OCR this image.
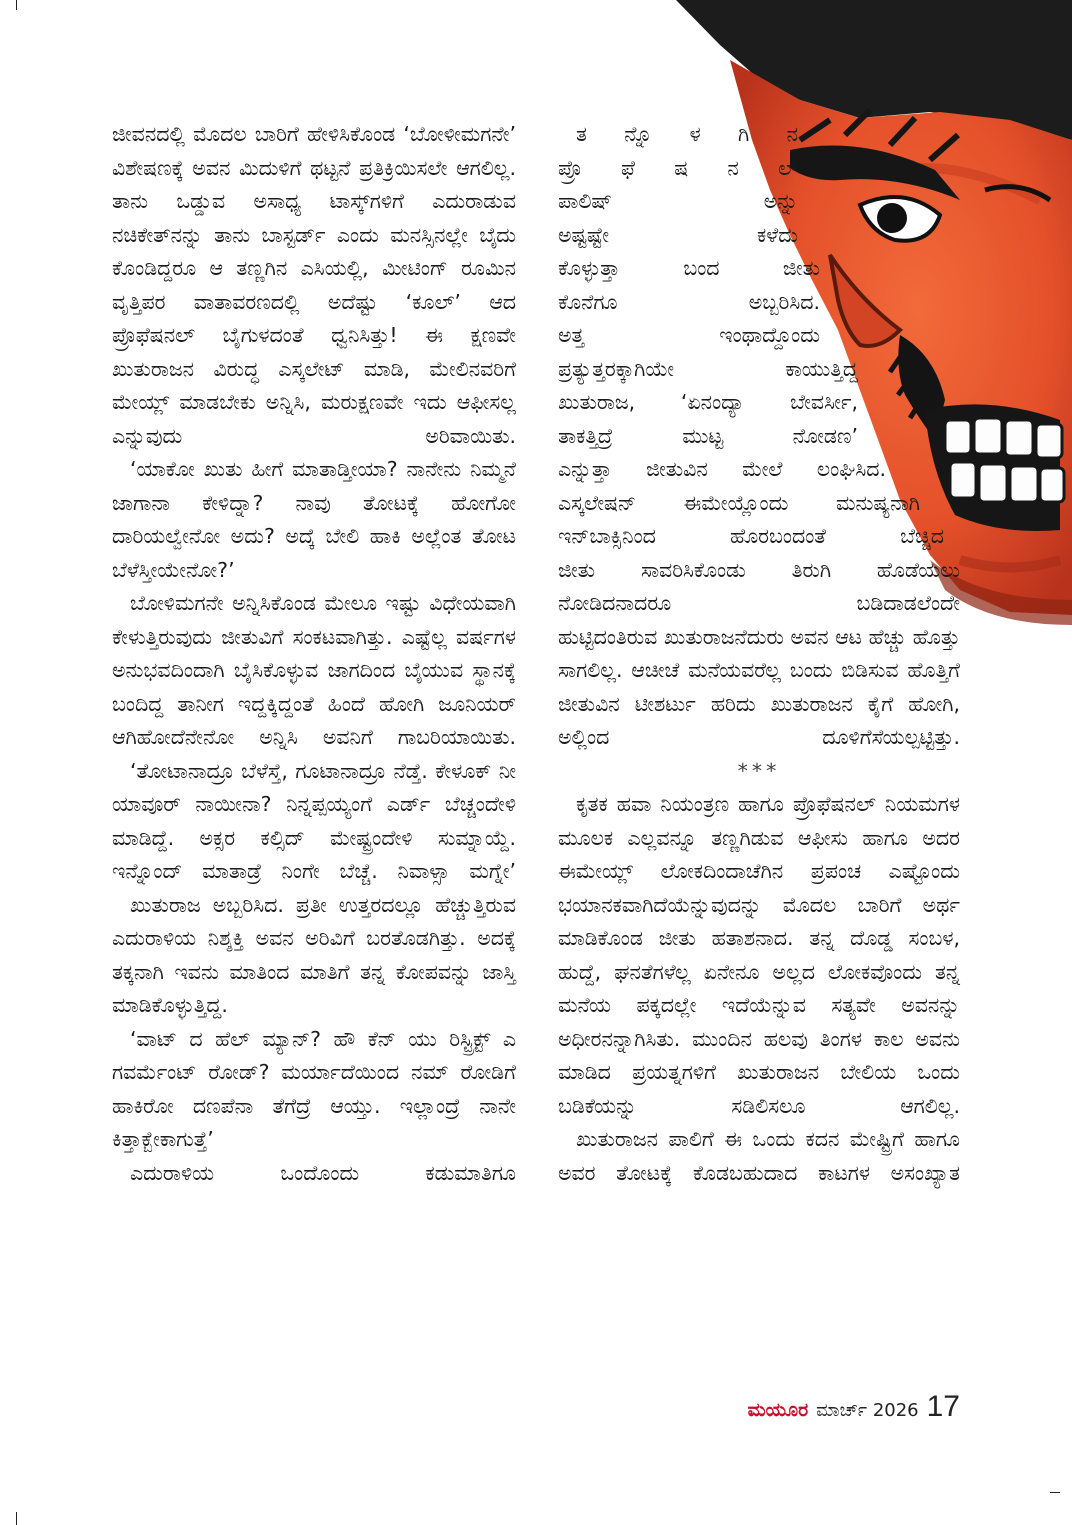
ಜೀವನದಲ್ಲಿ ಮೊದಲ ಬಾರಿಗೆ ಹೇಳಿಸಿಕೊಂಡ ‘ಬೋಳೀಮಗನೇ’ ವಿಶೇಷಣಕ್ಕೆ ಅವನ ಮಿದುಳಿಗೆ ಥಟ್ಟನೆ ಪ್ರತಿಕ್ರಿಯಿಸಲೇ ಆಗಲಿಲ್ಲ. ತಾನು ಒಡ್ಡುವ ಅಸಾಧ್ಯ ಟಾಸ್ಕ್‌ಗಳಿಗೆ ಎದುರಾಡುವ ನಚಿಕೇತ್‌ನನ್ನು ತಾನು ಬಾಸ್ಟರ್ಡ್ ಎಂದು ಮನಸ್ಸಿನಲ್ಲೇ ಬೈದು ಕೊಂಡಿದ್ದರೂ ಆ ತಣ್ಣಗಿನ ಎಸಿಯಲ್ಲಿ, ಮೀಟಿಂಗ್ ರೂಮಿನ ವೃತ್ತಿಪರ ವಾತಾವರಣದಲ್ಲಿ ಅದೆಷ್ಟು ‘ಕೂಲ್’ ಆದ ಪ್ರೊಫೆಷನಲ್ ಬೈಗುಳದಂತೆ ಧ್ವನಿಸಿತ್ತು! ಈ ಕ್ಷಣವೇ ಖುತುರಾಜನ ವಿರುದ್ಧ ಎಸ್ಕಲೇಟ್ ಮಾಡಿ, ಮೇಲಿನವರಿಗೆ ಮೇಯ್ಲ್ ಮಾಡಬೇಕು ಅನ್ನಿಸಿ, ಮರುಕ್ಷಣವೇ ಇದು ಆಫೀಸಲ್ಲ ಎನ್ನುವುದು ಅರಿವಾಯಿತು.

‘ಯಾಕೋ ಖುತು ಹೀಗೆ ಮಾತಾಡ್ತೀಯಾ? ನಾನೇನು ನಿಮ್ಮನೆ ಜಾಗಾನಾ ಕೇಳಿದ್ನಾ? ನಾವು ತೋಟಕ್ಕೆ ಹೋಗೋ ದಾರಿಯಲ್ವೇನೋ ಅದು? ಅದ್ಕೆ ಬೇಲಿ ಹಾಕಿ ಅಲ್ಲೆಂತ ತೋಟ ಬೆಳೆಸ್ತೀಯೇನೋ?’

ಬೋಳಿಮಗನೇ ಅನ್ನಿಸಿಕೊಂಡ ಮೇಲೂ ಇಷ್ಟು ವಿಧೇಯವಾಗಿ ಕೇಳುತ್ತಿರುವುದು ಜೀತುವಿಗೆ ಸಂಕಟವಾಗಿತ್ತು. ಎಷ್ಟೆಲ್ಲ ವರ್ಷಗಳ ಅನುಭವದಿಂದಾಗಿ ಬೈಸಿಕೊಳ್ಳುವ ಜಾಗದಿಂದ ಬೈಯುವ ಸ್ಥಾನಕ್ಕೆ ಬಂದಿದ್ದ ತಾನೀಗ ಇದ್ದಕ್ಕಿದ್ದಂತೆ ಹಿಂದೆ ಹೋಗಿ ಜೂನಿಯರ್ ಆಗಿಹೋದೆನೇನೋ ಅನ್ನಿಸಿ ಅವನಿಗೆ ಗಾಬರಿಯಾಯಿತು.

‘ತೋಟಾನಾದ್ರೂ ಬೆಳೆಸ್ತೆ, ಗೂಟಾನಾದ್ರೂ ನೆಡ್ತೆ. ಕೇಳೂಕ್ ನೀ ಯಾವೂರ್ ನಾಯೀನಾ? ನಿನ್ನಪ್ಪಯ್ಯಂಗೆ ಎರ್ಡ್ ಬೆಚ್ಚಂದೇಳಿ ಮಾಡಿದ್ದೆ. ಅಕ್ಸರ ಕಲ್ಸಿದ್ ಮೇಷ್ಟ್ರಂದೇಳಿ ಸುಮ್ನಾಯ್ದೆ. ಇನ್ನೊಂದ್ ಮಾತಾಡ್ರೆ ನಿಂಗೇ ಬೆಚ್ಚೆ. ನಿವಾಳ್ಸಾ ಮಗ್ನೇ’

ಖುತುರಾಜ ಅಬ್ಬರಿಸಿದ. ಪ್ರತೀ ಉತ್ತರದಲ್ಲೂ ಹೆಚ್ಚುತ್ತಿರುವ ಎದುರಾಳಿಯ ನಿಶ್ಶಕ್ತಿ ಅವನ ಅರಿವಿಗೆ ಬರತೊಡಗಿತ್ತು. ಅದಕ್ಕೆ ತಕ್ಕನಾಗಿ ಇವನು ಮಾತಿಂದ ಮಾತಿಗೆ ತನ್ನ ಕೋಪವನ್ನು ಜಾಸ್ತಿ ಮಾಡಿಕೊಳ್ಳುತ್ತಿದ್ದ.

‘ವಾಟ್ ದ ಹೆಲ್ ಮ್ಯಾನ್? ಹೌ ಕೆನ್ ಯು ರಿಸ್ಟ್ರಿಕ್ಟ್ ಎ ಗವರ್ಮೆಂಟ್ ರೋಡ್? ಮರ್ಯಾದೆಯಿಂದ ನಮ್ ರೋಡಿಗೆ ಹಾಕಿರೋ ದಣಪೆನಾ ತೆಗೆದ್ರೆ ಆಯ್ತು. ಇಲ್ಲಾಂದ್ರೆ ನಾನೇ ಕಿತ್ತಾಕ್ಬೇಕಾಗುತ್ತೆ’

ಎದುರಾಳಿಯ ಒಂದೊಂದು ಕಡುಮಾತಿಗೂ

ತ ನ್ನೊ ಳ ಗಿ ನ

ಪ್ರೊ ಫೆ ಷ ನ ಲ್

ಪಾಲಿಷ್ ಅನ್ನು

ಅಷ್ಟಷ್ಟೇ ಕಳೆದು

ಕೊಳ್ಳುತ್ತಾ ಬಂದ ಜೀತು

ಕೊನೆಗೂ ಅಬ್ಬರಿಸಿದ.

ಅತ್ತ ಇಂಥಾದ್ದೊಂದು

ಪ್ರತ್ಯುತ್ತರಕ್ಕಾಗಿಯೇ ಕಾಯುತ್ತಿದ್ದ

ಖುತುರಾಜ, ‘ಏನಂದ್ಯಾ ಬೇವರ್ಸೀ,

ತಾಕತ್ತಿದ್ರೆ ಮುಟ್ಟ ನೋಡಣ’

ಎನ್ನುತ್ತಾ ಜೀತುವಿನ ಮೇಲೆ ಲಂಘಿಸಿದ.

ಎಸ್ಕಲೇಷನ್ ಈಮೇಯ್ಲೊಂದು ಮನುಷ್ಯನಾಗಿ

ಇನ್‌ಬಾಕ್ಸಿನಿಂದ ಹೊರಬಂದಂತೆ ಬೆಚ್ಚಿದ

ಜೀತು ಸಾವರಿಸಿಕೊಂಡು ತಿರುಗಿ ಹೊಡೆಯಲು

ನೋಡಿದನಾದರೂ ಬಡಿದಾಡಲೆಂದೇ

ಹುಟ್ಟಿದಂತಿರುವ ಖುತುರಾಜನೆದುರು ಅವನ ಆಟ ಹೆಚ್ಚು ಹೊತ್ತು ಸಾಗಲಿಲ್ಲ. ಆಚೀಚೆ ಮನೆಯವರೆಲ್ಲ ಬಂದು ಬಿಡಿಸುವ ಹೊತ್ತಿಗೆ ಜೀತುವಿನ ಟೀಶರ್ಟು ಹರಿದು ಖುತುರಾಜನ ಕೈಗೆ ಹೋಗಿ, ಅಲ್ಲಿಂದ ದೂಳಿಗೆಸೆಯಲ್ಪಟ್ಟಿತ್ತು.

***

ಕೃತಕ ಹವಾ ನಿಯಂತ್ರಣ ಹಾಗೂ ಪ್ರೊಫೆಷನಲ್ ನಿಯಮಗಳ ಮೂಲಕ ಎಲ್ಲವನ್ನೂ ತಣ್ಣಗಿಡುವ ಆಫೀಸು ಹಾಗೂ ಅದರ ಈಮೇಯ್ಲ್ ಲೋಕದಿಂದಾಚೆಗಿನ ಪ್ರಪಂಚ ಎಷ್ಟೊಂದು ಭಯಾನಕವಾಗಿದೆಯೆನ್ನುವುದನ್ನು ಮೊದಲ ಬಾರಿಗೆ ಅರ್ಥ ಮಾಡಿಕೊಂಡ ಜೀತು ಹತಾಶನಾದ. ತನ್ನ ದೊಡ್ಡ ಸಂಬಳ, ಹುದ್ದೆ, ಘನತೆಗಳೆಲ್ಲ ಏನೇನೂ ಅಲ್ಲದ ಲೋಕವೊಂದು ತನ್ನ ಮನೆಯ ಪಕ್ಕದಲ್ಲೇ ಇದೆಯೆನ್ನುವ ಸತ್ಯವೇ ಅವನನ್ನು ಅಧೀರನನ್ನಾಗಿಸಿತು. ಮುಂದಿನ ಹಲವು ತಿಂಗಳ ಕಾಲ ಅವನು ಮಾಡಿದ ಪ್ರಯತ್ನಗಳಿಗೆ ಖುತುರಾಜನ ಬೇಲಿಯ ಒಂದು ಬಡಿಕೆಯನ್ನು ಸಡಿಲಿಸಲೂ ಆಗಲಿಲ್ಲ.

ಖುತುರಾಜನ ಪಾಲಿಗೆ ಈ ಒಂದು ಕದನ ಮೇಷ್ಟ್ರಿಗೆ ಹಾಗೂ ಅವರ ತೋಟಕ್ಕೆ ಕೊಡಬಹುದಾದ ಕಾಟಗಳ ಅಸಂಖ್ಯಾತ

ಮಯೂರ ಮಾರ್ಚ್ 2026 17
